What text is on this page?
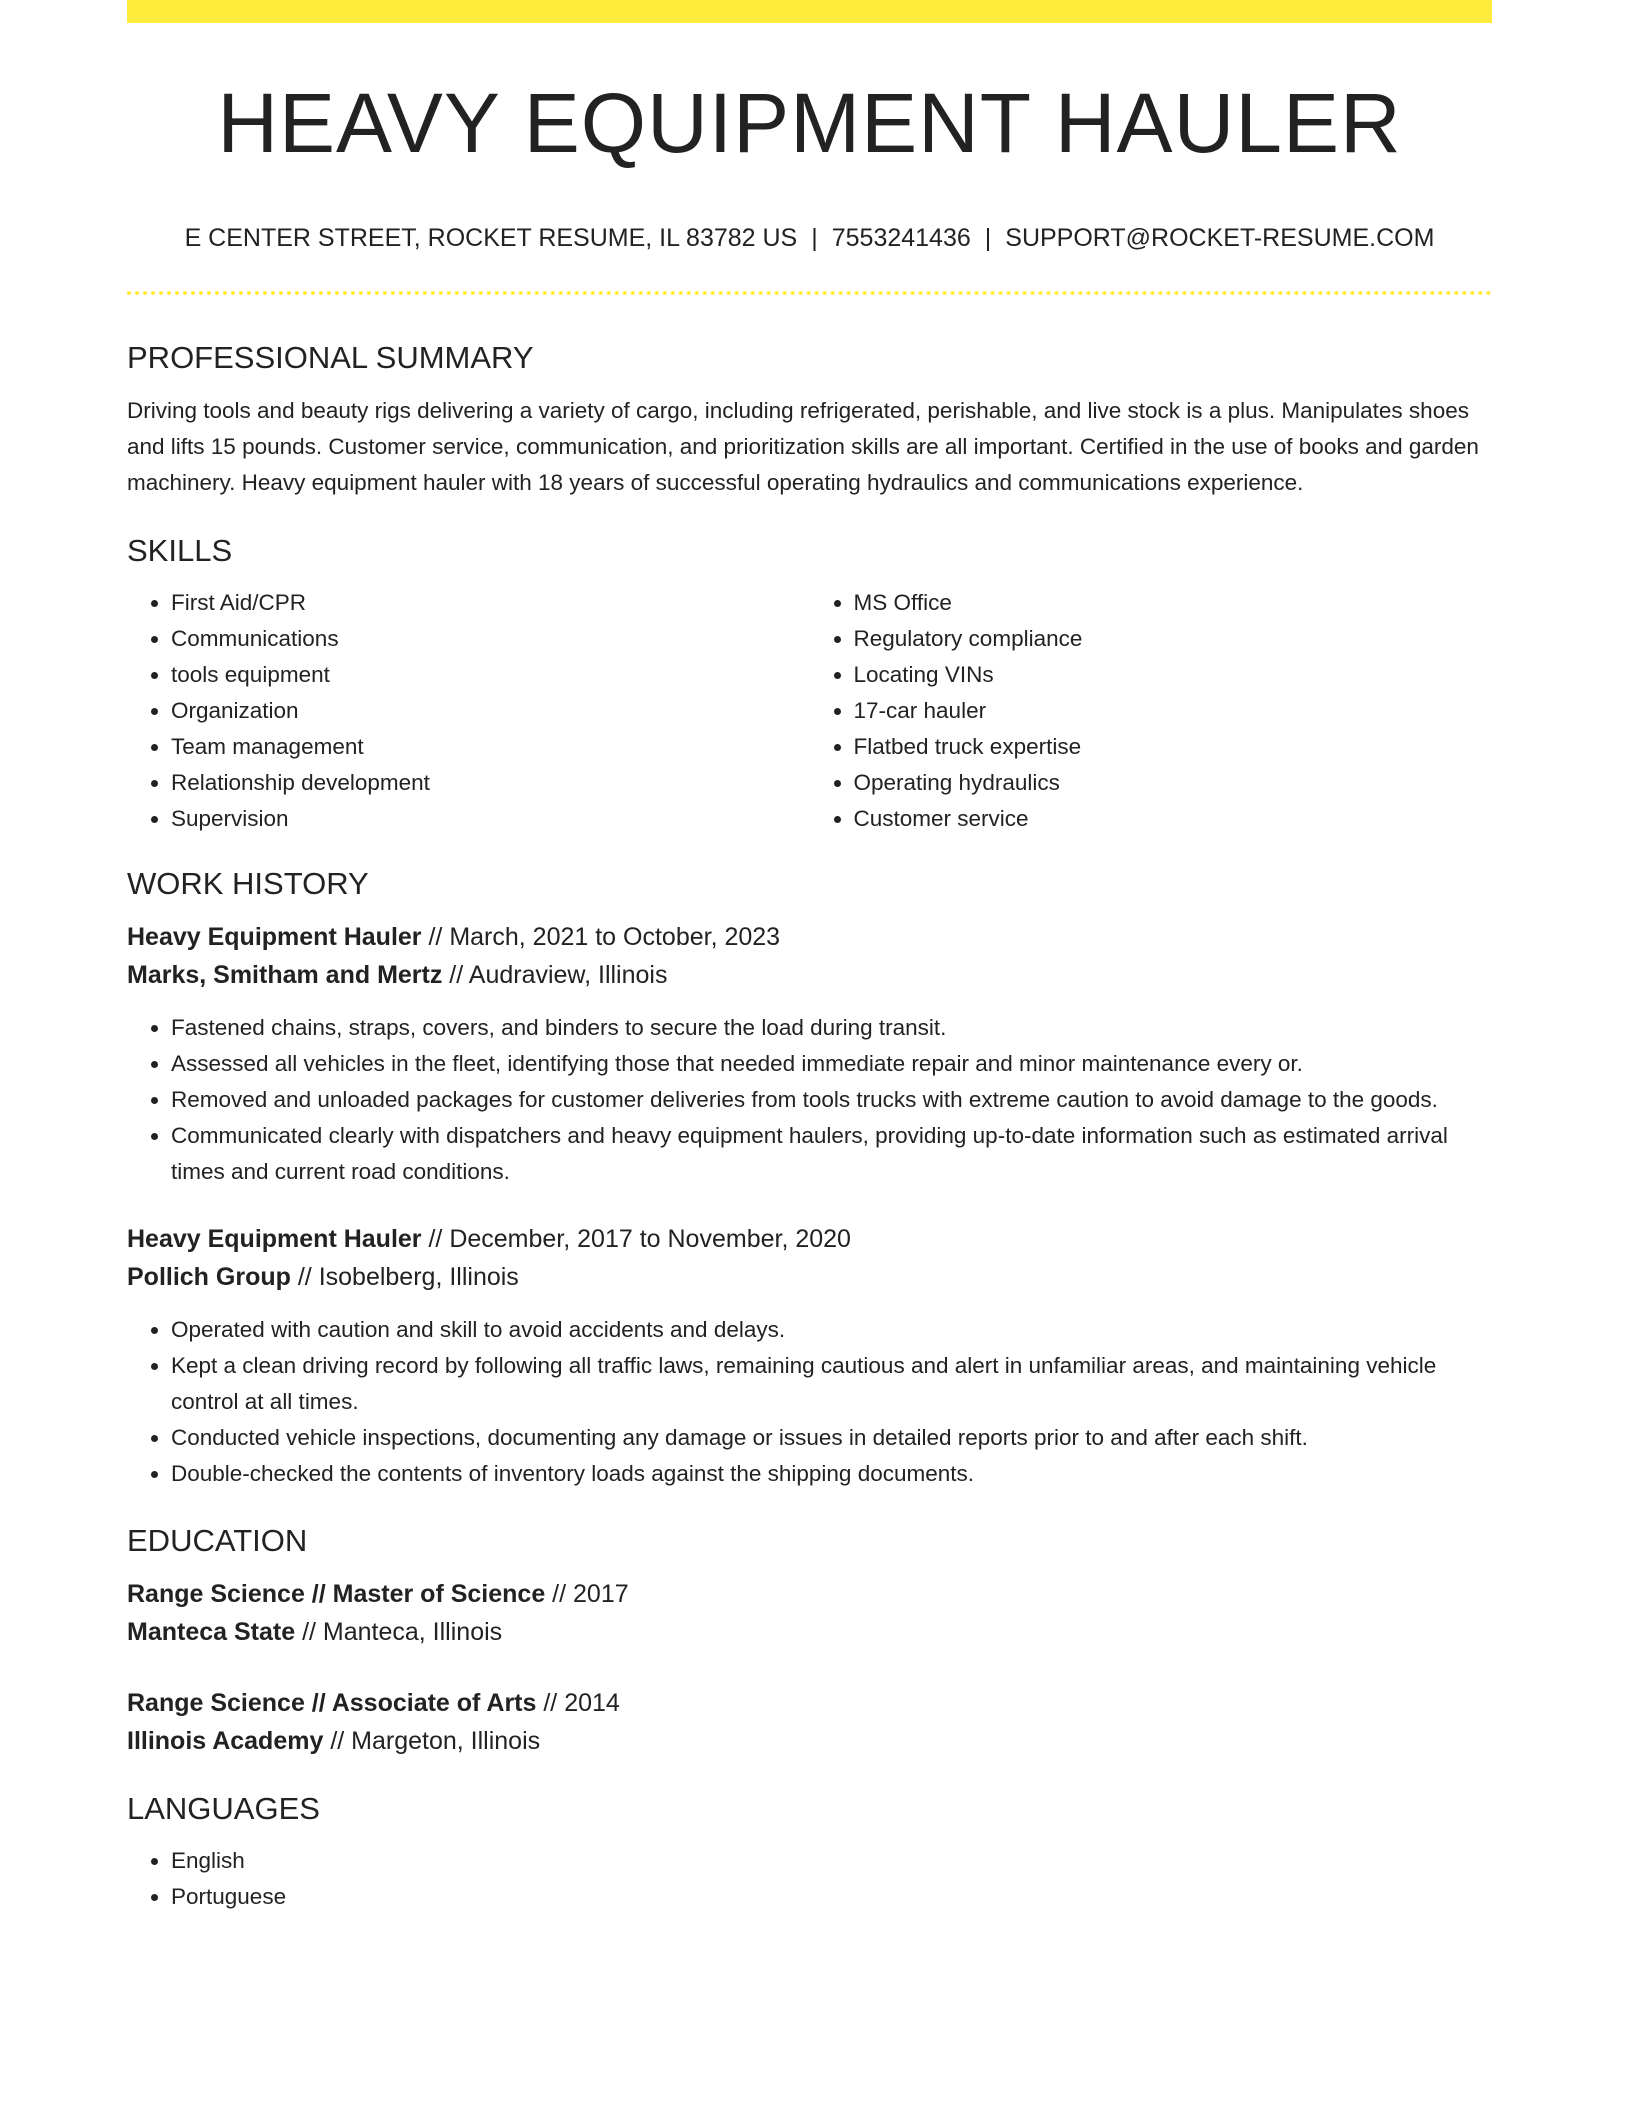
HEAVY EQUIPMENT HAULER
E CENTER STREET, ROCKET RESUME, IL 83782 US | 7553241436 | SUPPORT@ROCKET-RESUME.COM
PROFESSIONAL SUMMARY

Driving tools and beauty rigs delivering a variety of cargo, including refrigerated, perishable, and live stock is a plus. Manipulates shoes and lifts 15 pounds. Customer service, communication, and prioritization skills are all important. Certified in the use of books and garden machinery. Heavy equipment hauler with 18 years of successful operating hydraulics and communications experience.

SKILLS
• First Aid/CPR
• Communications
• tools equipment
• Organization
• Team management
• Relationship development
• Supervision
• MS Office
• Regulatory compliance
• Locating VINs
• 17-car hauler
• Flatbed truck expertise
• Operating hydraulics
• Customer service
WORK HISTORY

Heavy Equipment Hauler // March, 2021 to October, 2023

Marks, Smitham and Mertz // Audraview, Illinois

• Fastened chains, straps, covers, and binders to secure the load during transit.
• Assessed all vehicles in the fleet, identifying those that needed immediate repair and minor maintenance every or.
• Removed and unloaded packages for customer deliveries from tools trucks with extreme caution to avoid damage to the goods.
• Communicated clearly with dispatchers and heavy equipment haulers, providing up-to-date information such as estimated arrival times and current road conditions.

Heavy Equipment Hauler // December, 2017 to November, 2020

Pollich Group // Isobelberg, Illinois

• Operated with caution and skill to avoid accidents and delays.
• Kept a clean driving record by following all traffic laws, remaining cautious and alert in unfamiliar areas, and maintaining vehicle control at all times.
• Conducted vehicle inspections, documenting any damage or issues in detailed reports prior to and after each shift.
• Double-checked the contents of inventory loads against the shipping documents.
EDUCATION

Range Science // Master of Science // 2017

Manteca State // Manteca, Illinois

Range Science // Associate of Arts // 2014

Illinois Academy // Margeton, Illinois

LANGUAGES
• English
• Portuguese
